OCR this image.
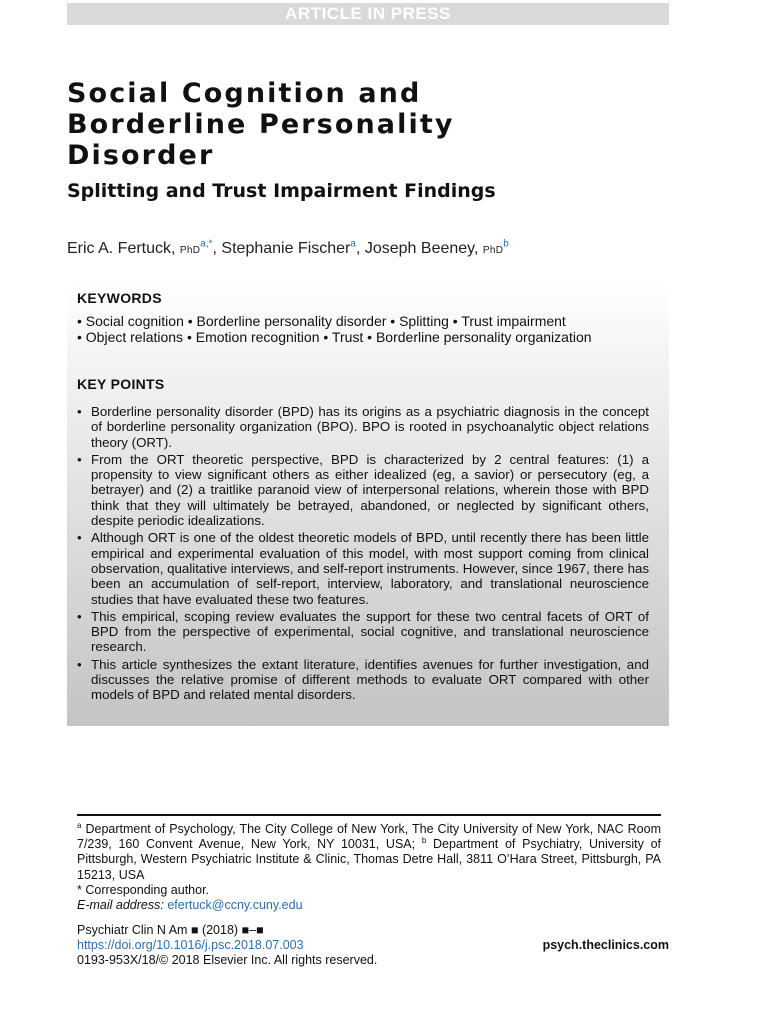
ARTICLE IN PRESS
Social Cognition and
Borderline Personality
Disorder
Splitting and Trust Impairment Findings
Eric A. Fertuck, PhD$^{a,*}$, Stephanie Fischer$^a$, Joseph Beeney, PhD$^b$
KEYWORDS
• Social cognition • Borderline personality disorder • Splitting • Trust impairment
• Object relations • Emotion recognition • Trust • Borderline personality organization
KEY POINTS
• Borderline personality disorder (BPD) has its origins as a psychiatric diagnosis in the concept of borderline personality organization (BPO). BPO is rooted in psychoanalytic object relations theory (ORT).
• From the ORT theoretic perspective, BPD is characterized by 2 central features: (1) a propensity to view significant others as either idealized (eg, a savior) or persecutory (eg, a betrayer) and (2) a traitlike paranoid view of interpersonal relations, wherein those with BPD think that they will ultimately be betrayed, abandoned, or neglected by significant others, despite periodic idealizations.
• Although ORT is one of the oldest theoretic models of BPD, until recently there has been little empirical and experimental evaluation of this model, with most support coming from clinical observation, qualitative interviews, and self-report instruments. However, since 1967, there has been an accumulation of self-report, interview, laboratory, and translational neuroscience studies that have evaluated these two features.
• This empirical, scoping review evaluates the support for these two central facets of ORT of BPD from the perspective of experimental, social cognitive, and translational neuroscience research.
• This article synthesizes the extant literature, identifies avenues for further investigation, and discusses the relative promise of different methods to evaluate ORT compared with other models of BPD and related mental disorders.

$^a$ Department of Psychology, The City College of New York, The City University of New York, NAC Room 7/239, 160 Convent Avenue, New York, NY 10031, USA; $^b$ Department of Psychiatry, University of Pittsburgh, Western Psychiatric Institute & Clinic, Thomas Detre Hall, 3811 O’Hara Street, Pittsburgh, PA 15213, USA

* Corresponding author.
E-mail address: efertuck@ccny.cuny.edu
Psychiatr Clin N Am ■ (2018) ■–■
https://doi.org/10.1016/j.psc.2018.07.003
0193-953X/18/© 2018 Elsevier Inc. All rights reserved.
psych.theclinics.com
